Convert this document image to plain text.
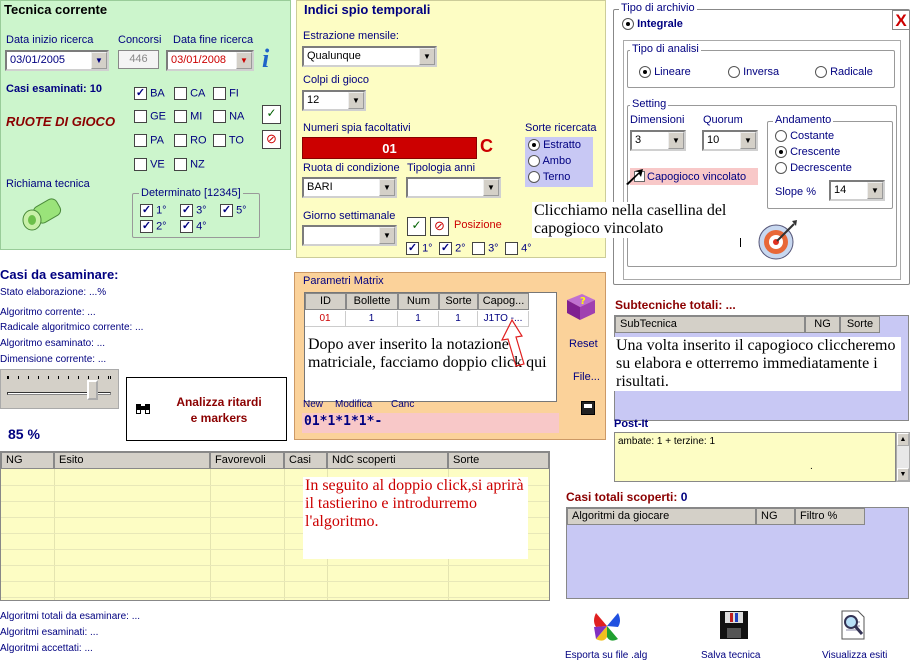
Tecnica corrente
Data inizio ricerca
03/01/2005	▼
Concorsi
446
Data fine ricerca
03/01/2008	▼ i
Casi esaminati: 10
RUOTE DI GIOCO
Richiama tecnica
✓ BA	CA	FI
GE	MI	NA
PA	RO	TO
VE	NZ
✓
⊘
Determinato [12345]
✓ 1° ✓ 3° ✓ 5°
✓ 2° ✓ 4°
Indici spio temporali
Estrazione mensile:
Qualunque	▼
Colpi di gioco
12	▼
Numeri spia facoltativi
01	C
Sorte ricercata
Estratto
Ambo
Terno
Ruota di condizione
BARI	▼
Tipologia anni
▼
Giorno settimanale
▼
✓ ⊘ Posizione
✓ 1° ✓ 2°	3°	4°
Tipo di archivio
Integrale	X
Tipo di analisi
Lineare	Inversa	Radicale
Setting
Dimensioni
3	▼
Quorum
10	▼
Andamento
Costante
Crescente
Decrescente
Capogioco vincolato
Slope %	14	▼
Casi da esaminare:
Stato elaborazione: ...%
Algoritmo corrente: ...
Radicale algoritmico corrente: ...
Algoritmo esaminato: ...
Dimensione corrente: ...
85 %
Analizza ritardi
e markers
Parametri Matrix
ID	Bollette	Num	Sorte	Capog...
01	1	1	1	J1TO -...
?
Reset
File...
New Modifica Canc
01*1*1*1*-
Subtecniche totali: ...
SubTecnica	NG	Sorte
Post-It
ambate: 1 + terzine: 1
.
▲
▼
NG	Esito	Favorevoli	Casi	NdC scoperti	Sorte
Casi totali scoperti: 0
Algoritmi da giocare	NG	Filtro %
Algoritmi totali da esaminare: ...
Algoritmi esaminati: ...
Algoritmi accettati: ...
Esporta su file .alg	Salva tecnica	Visualizza esiti
Clicchiamo nella casellina del capogioco vincolato
Dopo aver inserito la notazione matriciale, facciamo doppio click qui
Una volta inserito il capogioco cliccheremo su elabora e otterremo immediatamente i risultati.
In seguito al doppio click,si aprirà il tastierino e introdurremo l'algoritmo.
